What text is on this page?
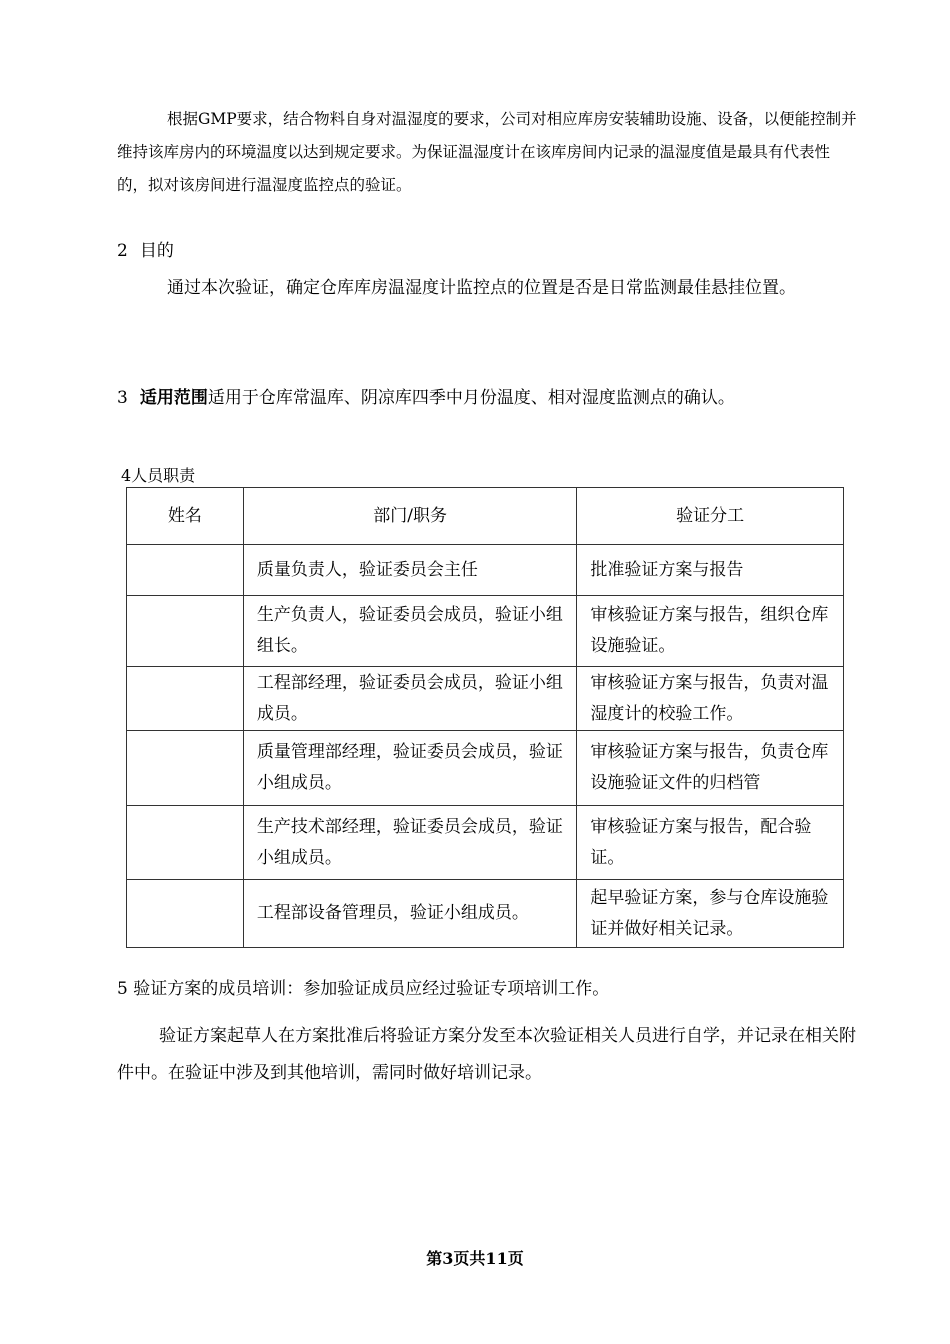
根据GMP要求，结合物料自身对温湿度的要求，公司对相应库房安装辅助设施、设备，以便能控制并维持该库房内的环境温度以达到规定要求。为保证温湿度计在该库房间内记录的温湿度值是最具有代表性的，拟对该房间进行温湿度监控点的验证。

2 目的

通过本次验证，确定仓库库房温湿度计监控点的位置是否是日常监测最佳悬挂位置。

3 适用范围适用于仓库常温库、阴凉库四季中月份温度、相对湿度监测点的确认。

4人员职责

姓名	部门/职务	验证分工
	质量负责人，验证委员会主任	批准验证方案与报告
	生产负责人，验证委员会成员，验证小组组长。	审核验证方案与报告，组织仓库设施验证。
	工程部经理，验证委员会成员，验证小组成员。	审核验证方案与报告，负责对温湿度计的校验工作。
	质量管理部经理，验证委员会成员，验证小组成员。	审核验证方案与报告，负责仓库设施验证文件的归档管
	生产技术部经理，验证委员会成员，验证小组成员。	审核验证方案与报告，配合验证。
	工程部设备管理员，验证小组成员。	起早验证方案，参与仓库设施验证并做好相关记录。

5 验证方案的成员培训：参加验证成员应经过验证专项培训工作。

验证方案起草人在方案批准后将验证方案分发至本次验证相关人员进行自学，并记录在相关附件中。在验证中涉及到其他培训，需同时做好培训记录。

第3页共11页
